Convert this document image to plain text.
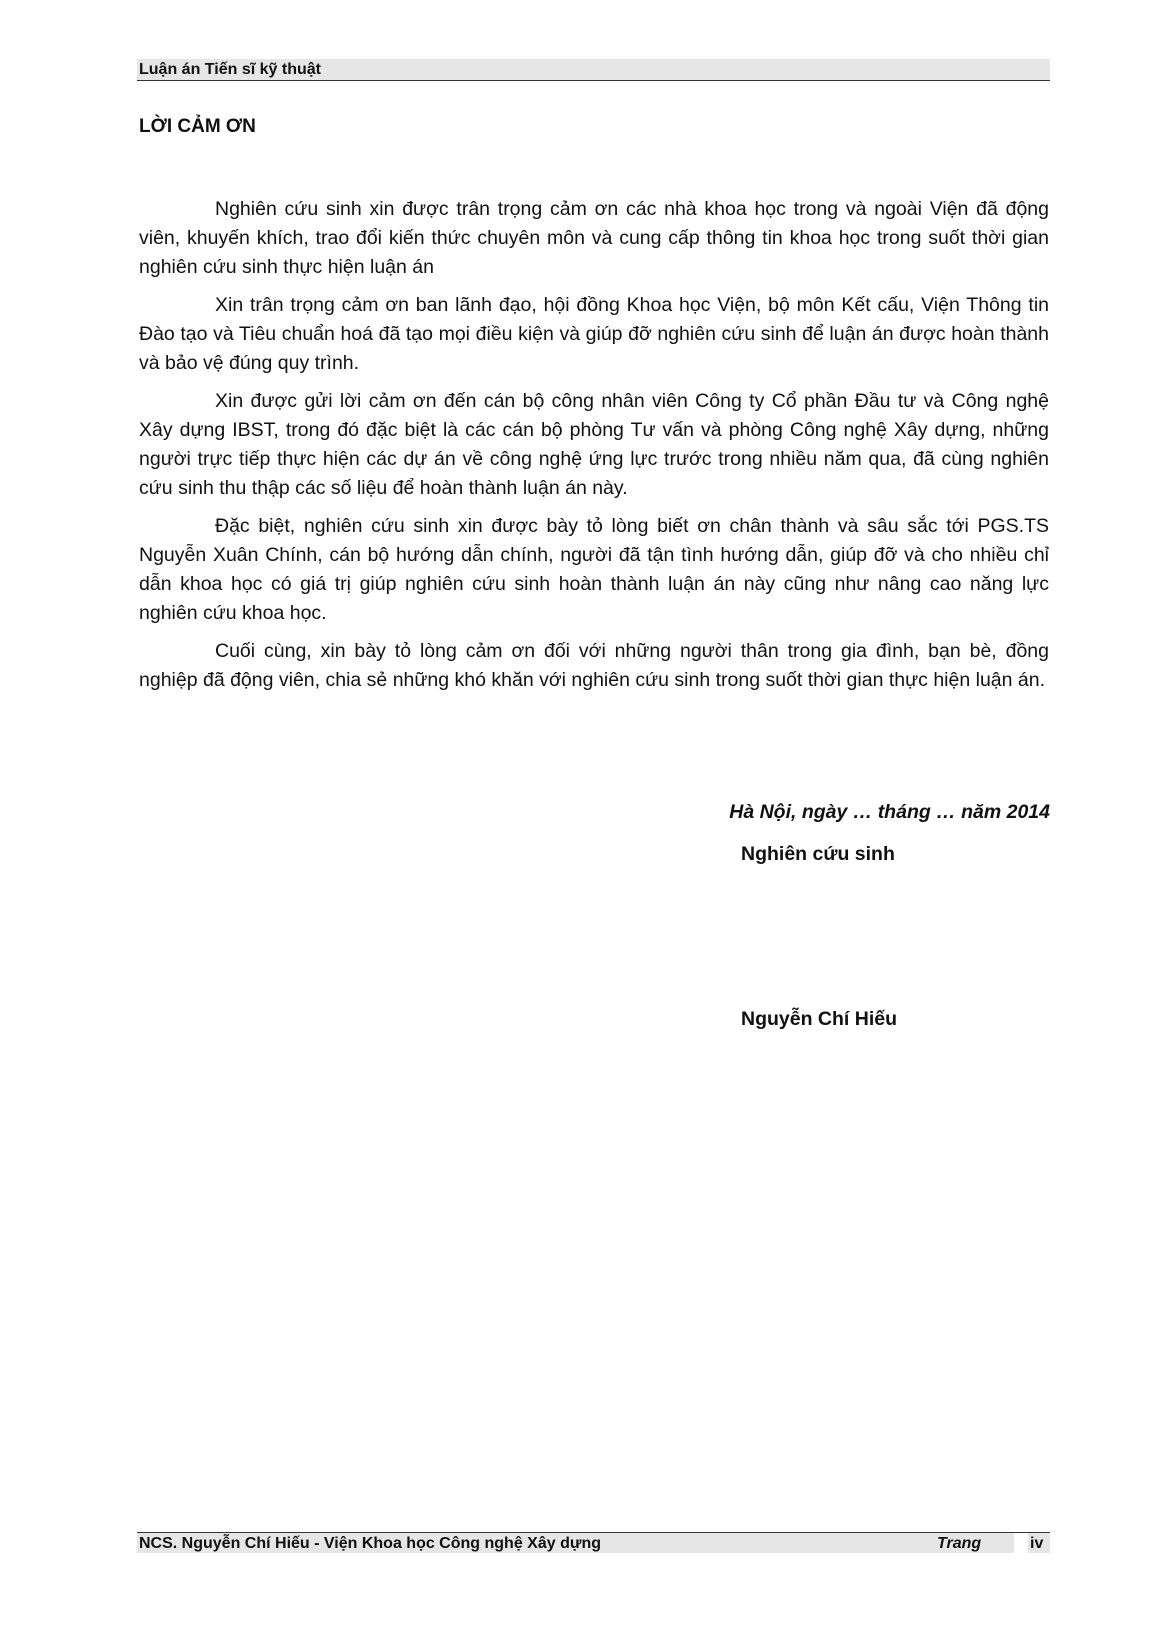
Luận án Tiến sĩ kỹ thuật
LỜI CẢM ƠN

Nghiên cứu sinh xin được trân trọng cảm ơn các nhà khoa học trong và ngoài Viện đã động viên, khuyến khích, trao đổi kiến thức chuyên môn và cung cấp thông tin khoa học trong suốt thời gian nghiên cứu sinh thực hiện luận án

Xin trân trọng cảm ơn ban lãnh đạo, hội đồng Khoa học Viện, bộ môn Kết cấu, Viện Thông tin Đào tạo và Tiêu chuẩn hoá đã tạo mọi điều kiện và giúp đỡ nghiên cứu sinh để luận án được hoàn thành và bảo vệ đúng quy trình.

Xin được gửi lời cảm ơn đến cán bộ công nhân viên Công ty Cổ phần Đầu tư và Công nghệ Xây dựng IBST, trong đó đặc biệt là các cán bộ phòng Tư vấn và phòng Công nghệ Xây dựng, những người trực tiếp thực hiện các dự án về công nghệ ứng lực trước trong nhiều năm qua, đã cùng nghiên cứu sinh thu thập các số liệu để hoàn thành luận án này.

Đặc biệt, nghiên cứu sinh xin được bày tỏ lòng biết ơn chân thành và sâu sắc tới PGS.TS Nguyễn Xuân Chính, cán bộ hướng dẫn chính, người đã tận tình hướng dẫn, giúp đỡ và cho nhiều chỉ dẫn khoa học có giá trị giúp nghiên cứu sinh hoàn thành luận án này cũng như nâng cao năng lực nghiên cứu khoa học.

Cuối cùng, xin bày tỏ lòng cảm ơn đối với những người thân trong gia đình, bạn bè, đồng nghiệp đã động viên, chia sẻ những khó khăn với nghiên cứu sinh trong suốt thời gian thực hiện luận án.

Hà Nội, ngày … tháng … năm 2014
Nghiên cứu sinh
Nguyễn Chí Hiếu
NCS. Nguyễn Chí Hiếu - Viện Khoa học Công nghệ Xây dựng	Trang	iv
